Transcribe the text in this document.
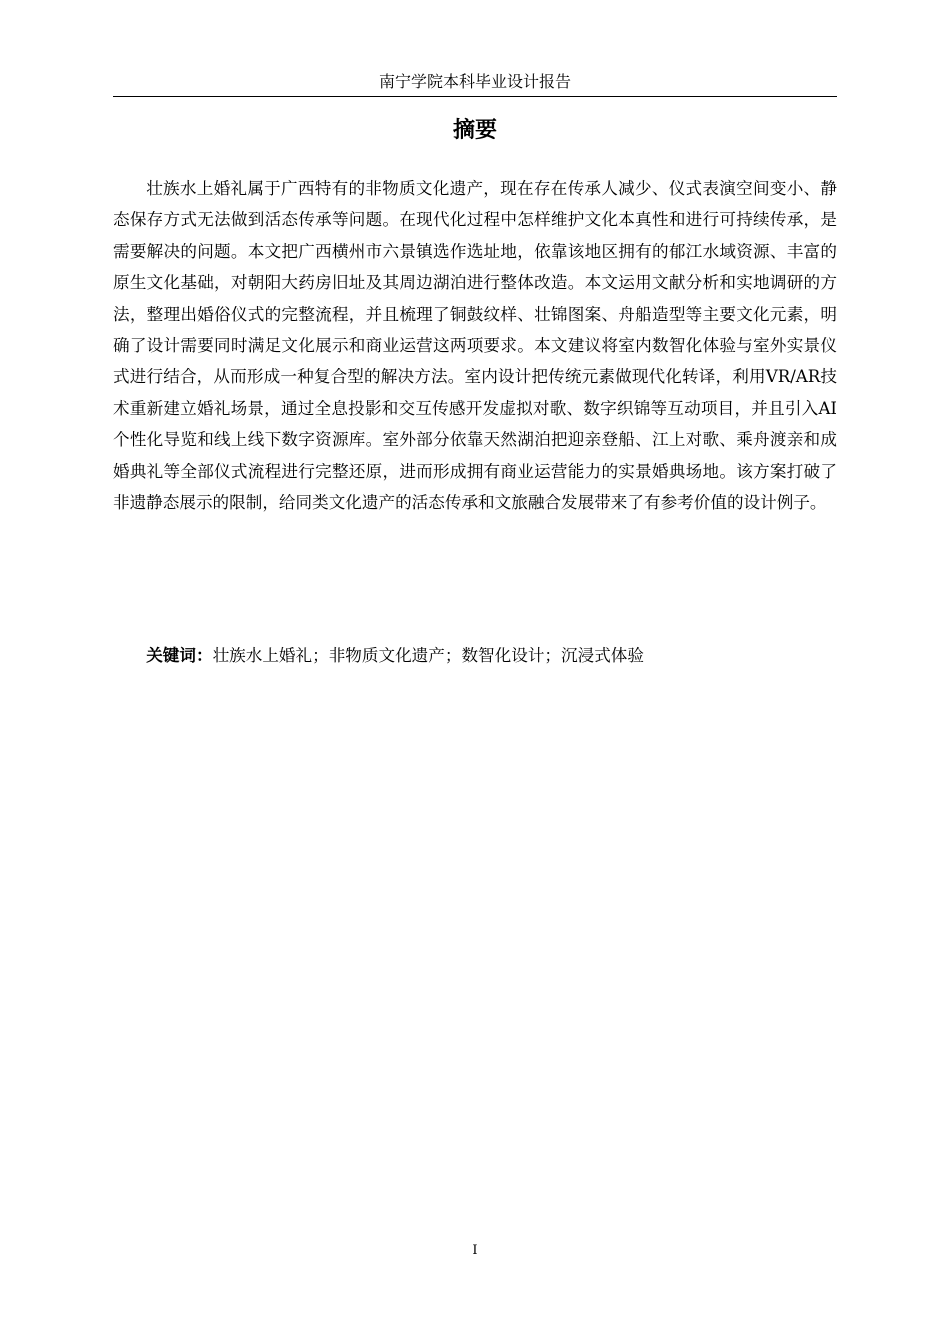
南宁学院本科毕业设计报告
摘要

壮族水上婚礼属于广西特有的非物质文化遗产，现在存在传承人减少、仪式表演空间变小、静态保存方式无法做到活态传承等问题。在现代化过程中怎样维护文化本真性和进行可持续传承，是需要解决的问题。本文把广西横州市六景镇选作选址地，依靠该地区拥有的郁江水域资源、丰富的原生文化基础，对朝阳大药房旧址及其周边湖泊进行整体改造。本文运用文献分析和实地调研的方法，整理出婚俗仪式的完整流程，并且梳理了铜鼓纹样、壮锦图案、舟船造型等主要文化元素，明确了设计需要同时满足文化展示和商业运营这两项要求。本文建议将室内数智化体验与室外实景仪式进行结合，从而形成一种复合型的解决方法。室内设计把传统元素做现代化转译，利用VR/AR技术重新建立婚礼场景，通过全息投影和交互传感开发虚拟对歌、数字织锦等互动项目，并且引入AI个性化导览和线上线下数字资源库。室外部分依靠天然湖泊把迎亲登船、江上对歌、乘舟渡亲和成婚典礼等全部仪式流程进行完整还原，进而形成拥有商业运营能力的实景婚典场地。该方案打破了非遗静态展示的限制，给同类文化遗产的活态传承和文旅融合发展带来了有参考价值的设计例子。

关键词：壮族水上婚礼；非物质文化遗产；数智化设计；沉浸式体验

I
